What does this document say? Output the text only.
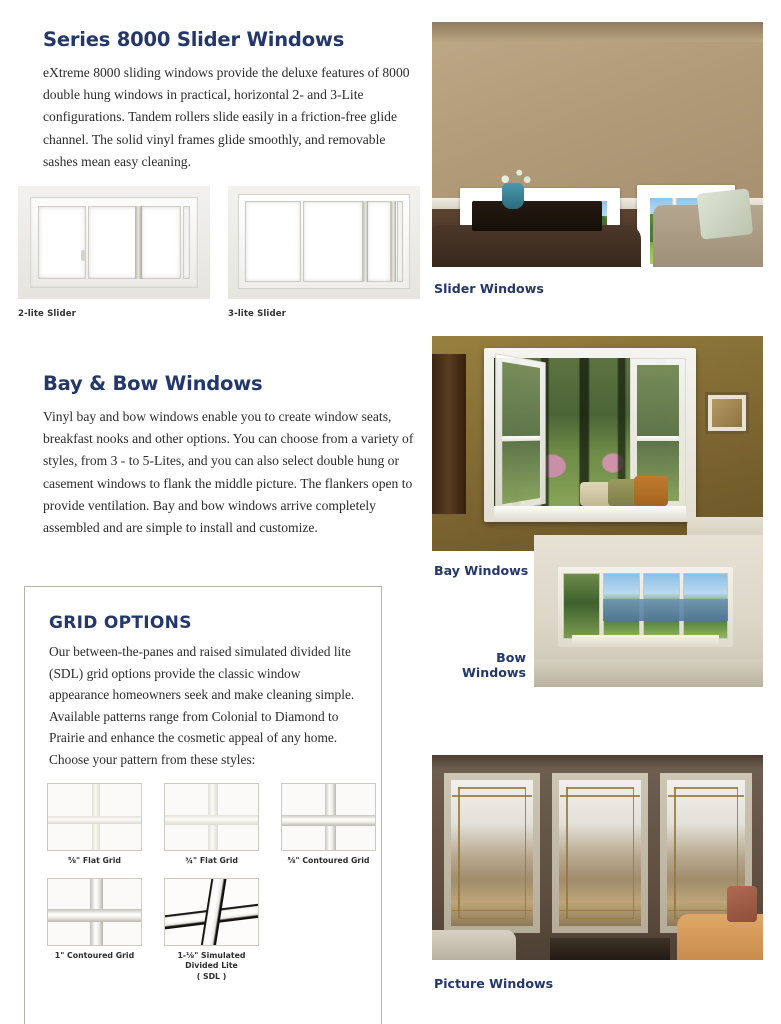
Series 8000 Slider Windows

eXtreme 8000 sliding windows provide the deluxe features of 8000 double hung windows in practical, horizontal 2- and 3-Lite configurations. Tandem rollers slide easily in a friction-free glide channel. The solid vinyl frames glide smoothly, and removable sashes mean easy cleaning.

2-lite Slider	3-lite Slider
Bay & Bow Windows

Vinyl bay and bow windows enable you to create window seats, breakfast nooks and other options. You can choose from a variety of styles, from 3 - to 5-Lites, and you can also select double hung or casement windows to flank the middle picture. The flankers open to provide ventilation. Bay and bow windows arrive completely assembled and are simple to install and customize.

GRID OPTIONS

Our between-the-panes and raised simulated divided lite (SDL) grid options provide the classic window appearance homeowners seek and make cleaning simple. Available patterns range from Colonial to Diamond to Prairie and enhance the cosmetic appeal of any home. Choose your pattern from these styles:

⅝" Flat Grid	¾" Flat Grid	⅝" Contoured Grid
1" Contoured Grid	1-⅛" Simulated
Divided Lite
( SDL )
Slider Windows
Bay Windows
Bow
Windows
Picture Windows
